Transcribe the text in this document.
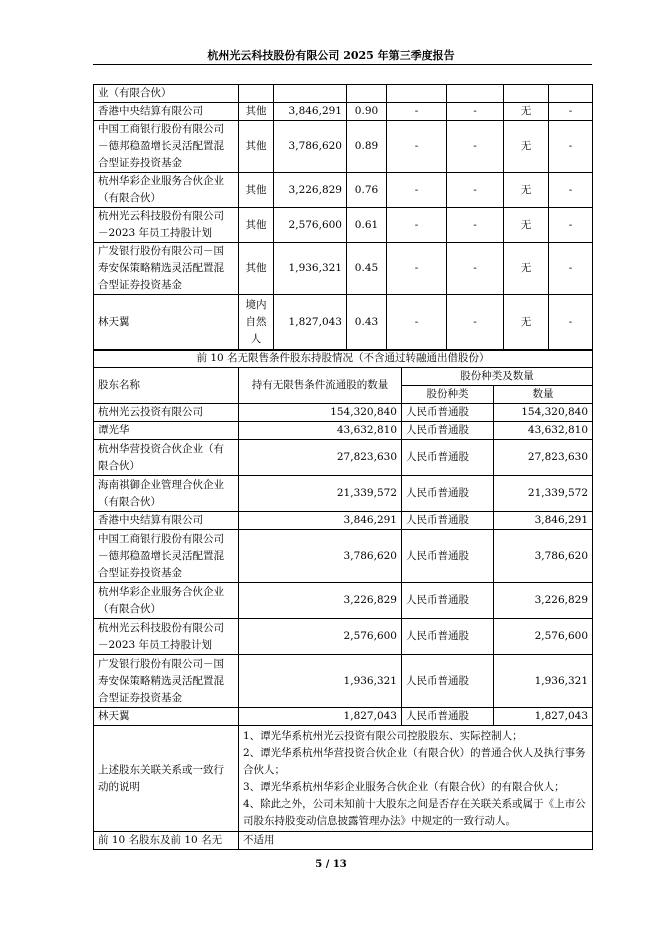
杭州光云科技股份有限公司 2025 年第三季度报告
业（有限合伙）							
香港中央结算有限公司	其他	3,846,291	0.90	-	-	无	-
中国工商银行股份有限公司－德邦稳盈增长灵活配置混合型证券投资基金	其他	3,786,620	0.89	-	-	无	-
杭州华彩企业服务合伙企业（有限合伙）	其他	3,226,829	0.76	-	-	无	-
杭州光云科技股份有限公司－2023 年员工持股计划	其他	2,576,600	0.61	-	-	无	-
广发银行股份有限公司－国寿安保策略精选灵活配置混合型证券投资基金	其他	1,936,321	0.45	-	-	无	-
林天翼	境内自然人	1,827,043	0.43	-	-	无	-
前 10 名无限售条件股东持股情况（不含通过转融通出借股份）			
股东名称	持有无限售条件流通股的数量	股份种类及数量	
		股份种类	数量
杭州光云投资有限公司	154,320,840	人民币普通股	154,320,840
谭光华	43,632,810	人民币普通股	43,632,810
杭州华营投资合伙企业（有限合伙）	27,823,630	人民币普通股	27,823,630
海南祺御企业管理合伙企业（有限合伙）	21,339,572	人民币普通股	21,339,572
香港中央结算有限公司	3,846,291	人民币普通股	3,846,291
中国工商银行股份有限公司－德邦稳盈增长灵活配置混合型证券投资基金	3,786,620	人民币普通股	3,786,620
杭州华彩企业服务合伙企业（有限合伙）	3,226,829	人民币普通股	3,226,829
杭州光云科技股份有限公司－2023 年员工持股计划	2,576,600	人民币普通股	2,576,600
广发银行股份有限公司－国寿安保策略精选灵活配置混合型证券投资基金	1,936,321	人民币普通股	1,936,321
林天翼	1,827,043	人民币普通股	1,827,043
上述股东关联关系或一致行动的说明	1、谭光华系杭州光云投资有限公司控股股东、实际控制人；
2、谭光华系杭州华营投资合伙企业（有限合伙）的普通合伙人及执行事务合伙人；
3、谭光华系杭州华彩企业服务合伙企业（有限合伙）的有限合伙人；
4、除此之外，公司未知前十大股东之间是否存在关联关系或属于《上市公司股东持股变动信息披露管理办法》中规定的一致行动人。		

前 10 名股东及前 10 名无	不适用		
5 / 13
